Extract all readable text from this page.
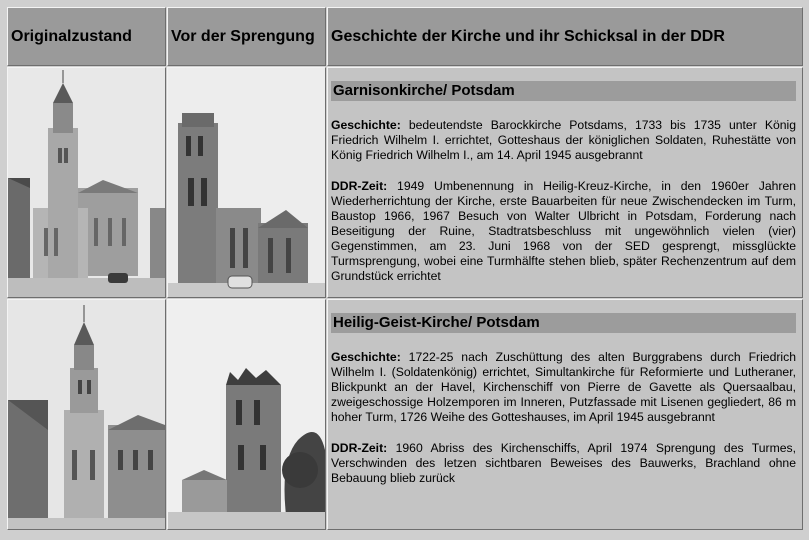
Originalzustand Vor der Sprengung Geschichte der Kirche und ihr Schicksal in der DDR
Garnisonkirche/ Potsdam

Geschichte: bedeutendste Barockkirche Potsdams, 1733 bis 1735 unter König Friedrich Wilhelm I. errichtet, Gotteshaus der königlichen Soldaten, Ruhestätte von König Friedrich Wilhelm I., am 14. April 1945 ausgebrannt

DDR-Zeit: 1949 Umbenennung in Heilig-Kreuz-Kirche, in den 1960er Jahren Wiederherrichtung der Kirche, erste Bauarbeiten für neue Zwischendecken im Turm, Baustop 1966, 1967 Besuch von Walter Ulbricht in Potsdam, Forderung nach Beseitigung der Ruine, Stadtratsbeschluss mit ungewöhnlich vielen (vier) Gegenstimmen, am 23. Juni 1968 von der SED gesprengt, missglückte Turmsprengung, wobei eine Turmhälfte stehen blieb, später Rechenzentrum auf dem Grundstück errichtet

Heilig-Geist-Kirche/ Potsdam

Geschichte: 1722-25 nach Zuschüttung des alten Burggrabens durch Friedrich Wilhelm I. (Soldatenkönig) errichtet, Simultankirche für Reformierte und Lutheraner, Blickpunkt an der Havel, Kirchenschiff von Pierre de Gavette als Quersaalbau, zweigeschossige Holzemporen im Inneren, Putzfassade mit Lisenen gegliedert, 86 m hoher Turm, 1726 Weihe des Gotteshauses, im April 1945 ausgebrannt

DDR-Zeit: 1960 Abriss des Kirchenschiffs, April 1974 Sprengung des Turmes, Verschwinden des letzen sichtbaren Beweises des Bauwerks, Brachland ohne Bebauung blieb zurück
